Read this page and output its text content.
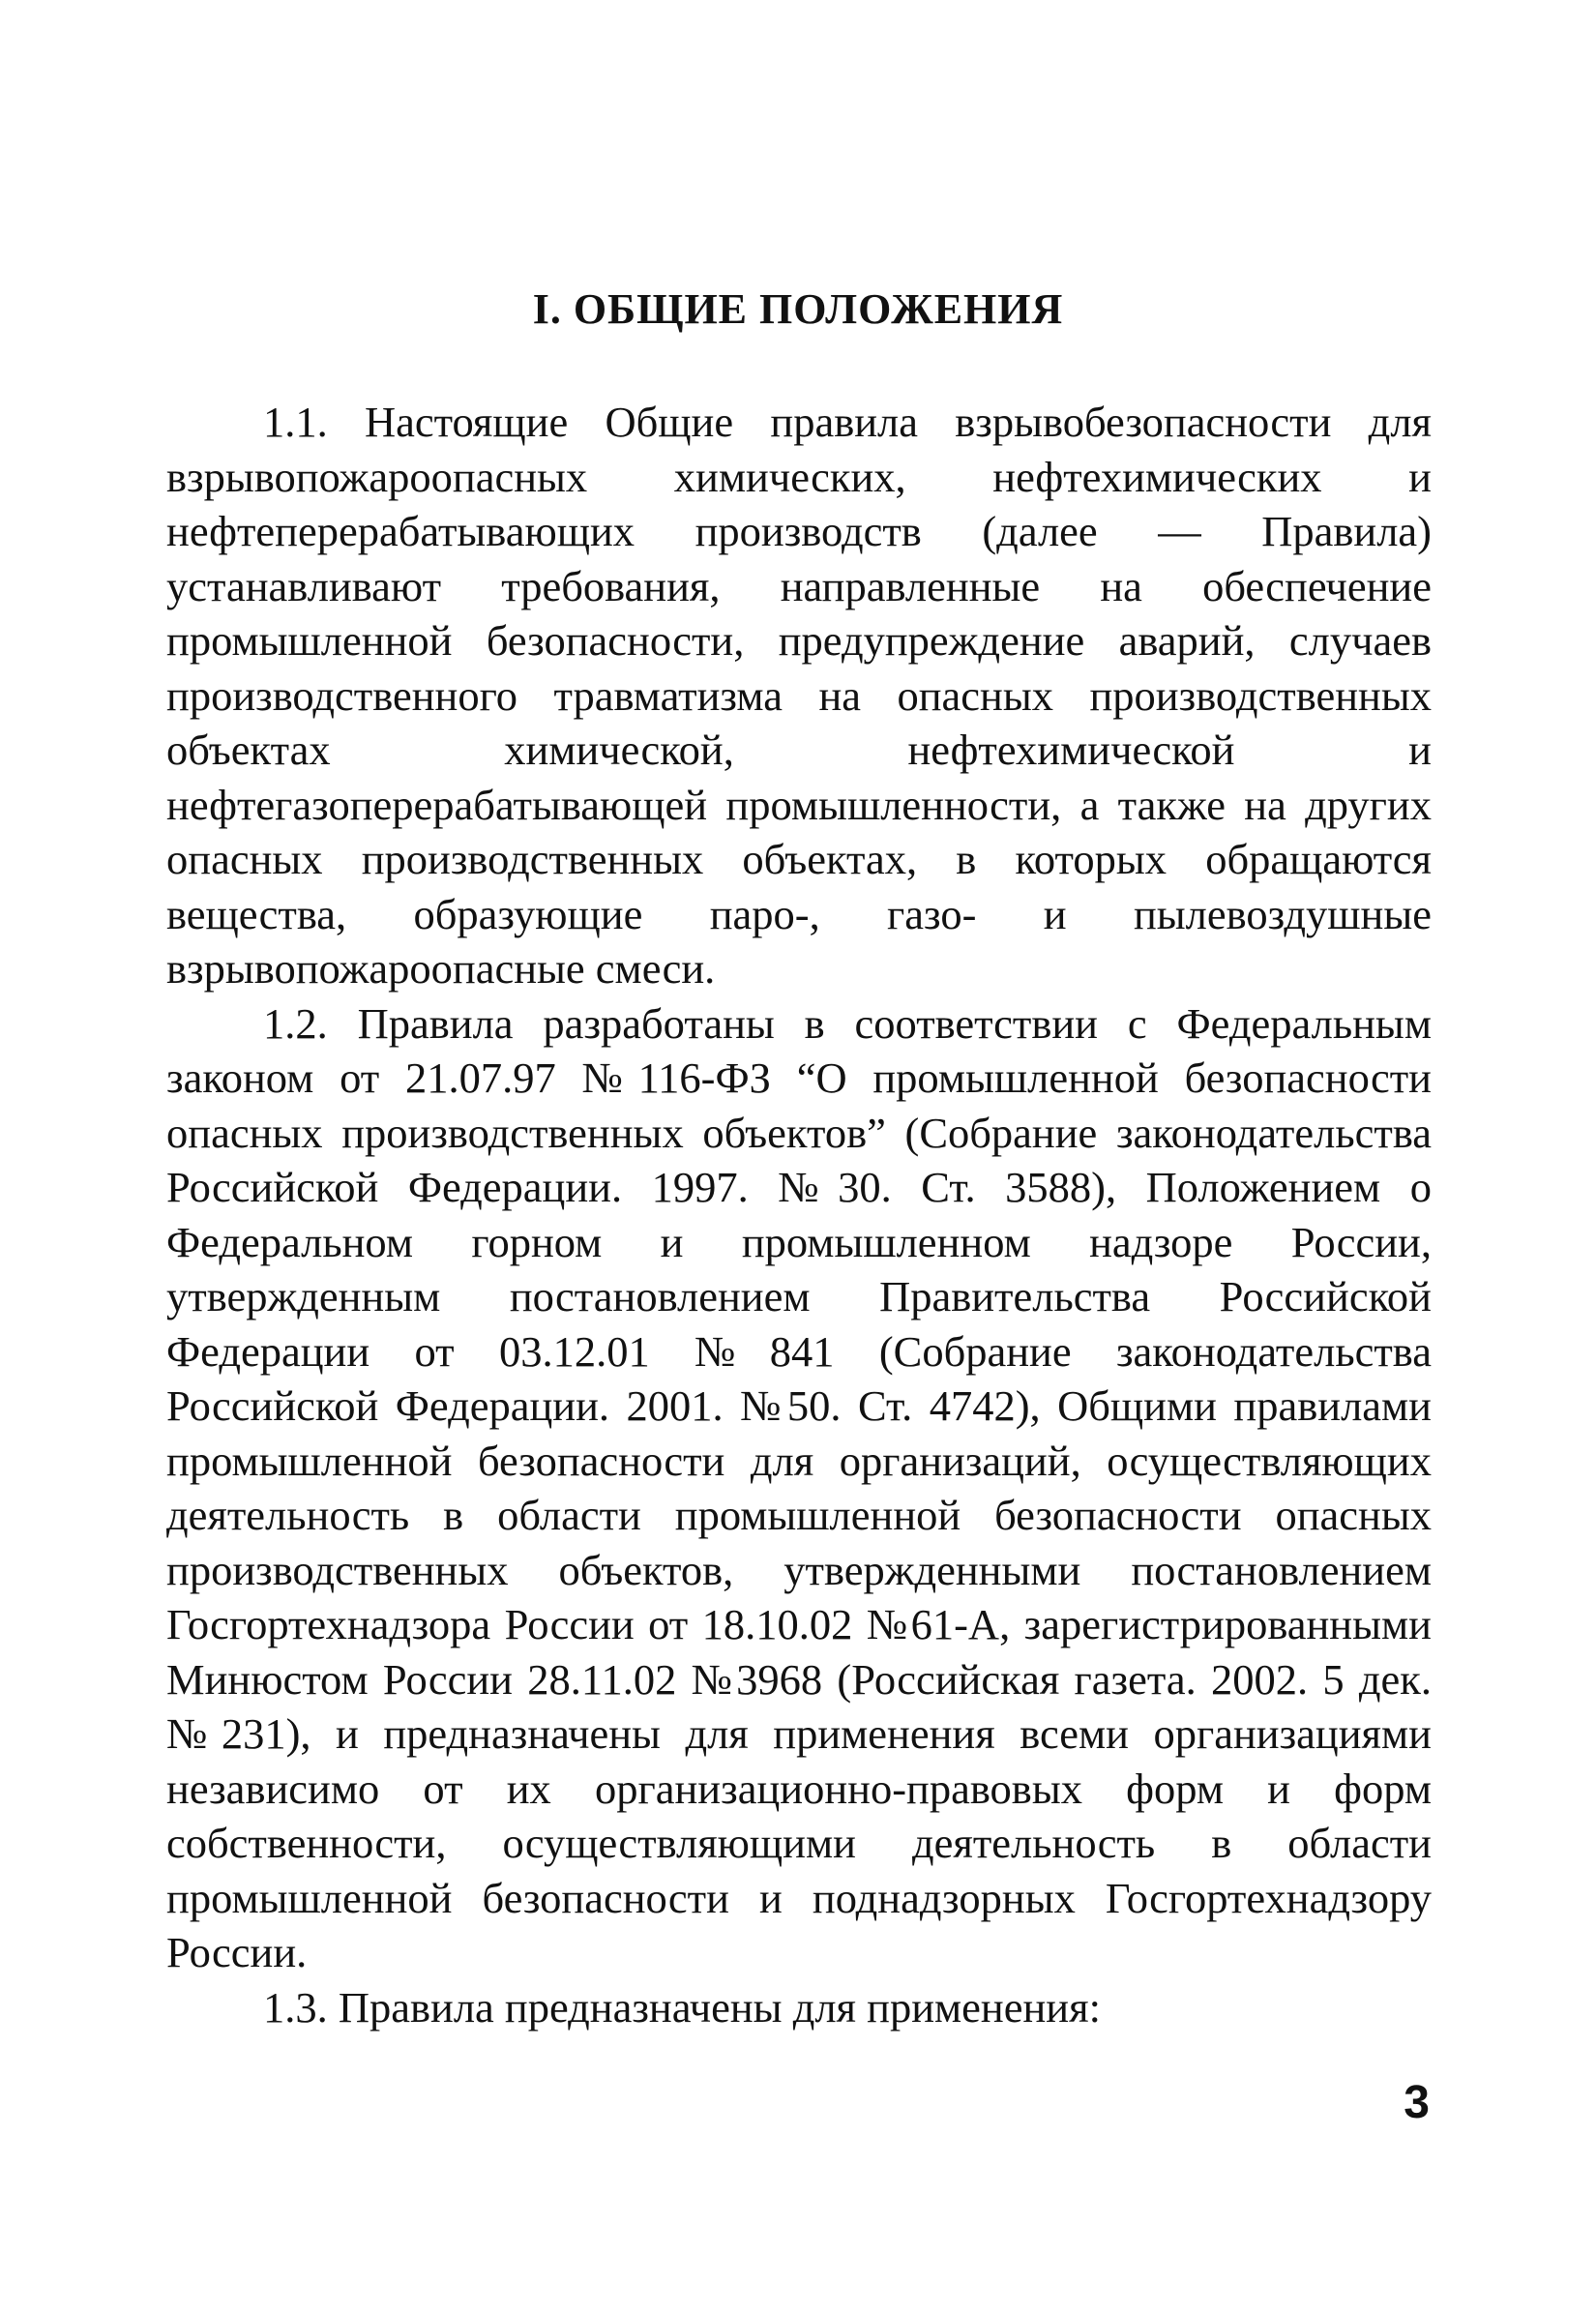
I. ОБЩИЕ ПОЛОЖЕНИЯ

1.1. Настоящие Общие правила взрывобезопасности для взрывопожароопасных химических, нефтехимических и нефтеперерабатывающих производств (далее — Правила) устанавливают требования, направленные на обеспечение промышленной безопасности, предупреждение аварий, случаев производственного травматизма на опасных производственных объектах химической, нефтехимической и нефтегазоперерабатывающей промышленности, а также на других опасных производственных объектах, в которых обращаются вещества, образующие паро-, газо- и пылевоздушные взрывопожароопасные смеси.

1.2. Правила разработаны в соответствии с Федеральным законом от 21.07.97 №116-ФЗ “О промышленной безопасности опасных производственных объектов” (Собрание законодательства Российской Федерации. 1997. №30. Ст. 3588), Положением о Федеральном горном и промышленном надзоре России, утвержденным постановлением Правительства Российской Федерации от 03.12.01 №841 (Собрание законодательства Российской Федерации. 2001. №50. Ст. 4742), Общими правилами промышленной безопасности для организаций, осуществляющих деятельность в области промышленной безопасности опасных производственных объектов, утвержденными постановлением Госгортехнадзора России от 18.10.02 №61-А, зарегистрированными Минюстом России 28.11.02 №3968 (Российская газета. 2002. 5 дек. №231), и предназначены для применения всеми организациями независимо от их организационно-правовых форм и форм собственности, осуществляющими деятельность в области промышленной безопасности и поднадзорных Госгортехнадзору России.

1.3. Правила предназначены для применения:

3
